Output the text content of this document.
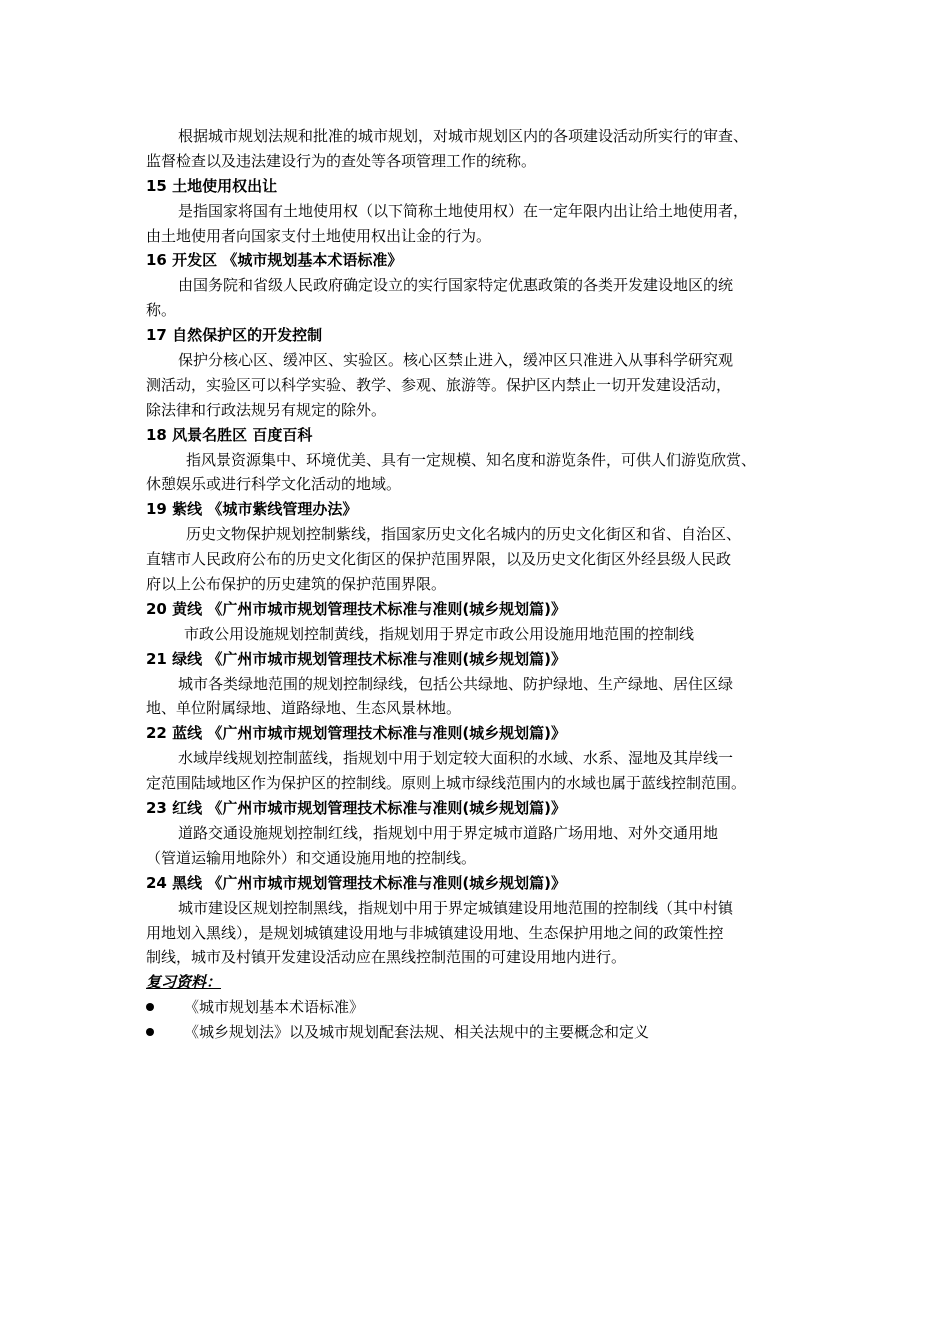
根据城市规划法规和批准的城市规划，对城市规划区内的各项建设活动所实行的审查、
监督检查以及违法建设行为的查处等各项管理工作的统称。
15 土地使用权出让
是指国家将国有土地使用权（以下简称土地使用权）在一定年限内出让给土地使用者，
由土地使用者向国家支付土地使用权出让金的行为。
16 开发区 《城市规划基本术语标准》
由国务院和省级人民政府确定设立的实行国家特定优惠政策的各类开发建设地区的统
称。
17 自然保护区的开发控制
保护分核心区、缓冲区、实验区。核心区禁止进入，缓冲区只准进入从事科学研究观
测活动，实验区可以科学实验、教学、参观、旅游等。保护区内禁止一切开发建设活动，
除法律和行政法规另有规定的除外。
18 风景名胜区 百度百科
指风景资源集中、环境优美、具有一定规模、知名度和游览条件，可供人们游览欣赏、
休憩娱乐或进行科学文化活动的地域。
19 紫线 《城市紫线管理办法》
历史文物保护规划控制紫线，指国家历史文化名城内的历史文化街区和省、自治区、
直辖市人民政府公布的历史文化街区的保护范围界限，以及历史文化街区外经县级人民政
府以上公布保护的历史建筑的保护范围界限。
20 黄线 《广州市城市规划管理技术标准与准则(城乡规划篇)》
市政公用设施规划控制黄线，指规划用于界定市政公用设施用地范围的控制线
21 绿线 《广州市城市规划管理技术标准与准则(城乡规划篇)》
城市各类绿地范围的规划控制绿线，包括公共绿地、防护绿地、生产绿地、居住区绿
地、单位附属绿地、道路绿地、生态风景林地。
22 蓝线 《广州市城市规划管理技术标准与准则(城乡规划篇)》
水域岸线规划控制蓝线，指规划中用于划定较大面积的水域、水系、湿地及其岸线一
定范围陆域地区作为保护区的控制线。原则上城市绿线范围内的水域也属于蓝线控制范围。
23 红线 《广州市城市规划管理技术标准与准则(城乡规划篇)》
道路交通设施规划控制红线，指规划中用于界定城市道路广场用地、对外交通用地
（管道运输用地除外）和交通设施用地的控制线。
24 黑线 《广州市城市规划管理技术标准与准则(城乡规划篇)》
城市建设区规划控制黑线，指规划中用于界定城镇建设用地范围的控制线（其中村镇
用地划入黑线），是规划城镇建设用地与非城镇建设用地、生态保护用地之间的政策性控
制线，城市及村镇开发建设活动应在黑线控制范围的可建设用地内进行。
复习资料：
《城市规划基本术语标准》
《城乡规划法》以及城市规划配套法规、相关法规中的主要概念和定义
